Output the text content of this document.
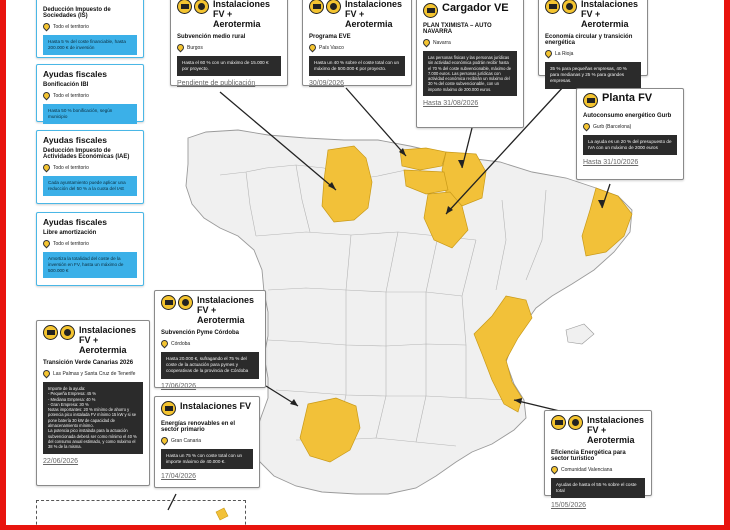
Deducción Impuesto de Sociedades (IS)
Todo el territorio
Hasta 5 % del coste financiable, hasta 200.000 € de inversión
Ayudas fiscales
Bonificación IBI
Todo el territorio
Hasta 50 % bonificación, según municipio
Ayudas fiscales
Deducción Impuesto de Actividades Económicas (IAE)
Todo el territorio
Cada ayuntamiento puede aplicar una reducción del 50 % a la cuota del IAE
Ayudas fiscales
Libre amortización
Todo el territorio
Amortiza la totalidad del coste de la inversión en FV, hasta un máximo de 500.000 €
Instalaciones FV + Aerotermia
Subvención medio rural
Burgos
Hasta el 60 % con un máximo de 15.000 € por proyecto.
Pendiente de publicación
Instalaciones FV + Aerotermia
Programa EVE
País Vasco
Hasta un 40 % sobre el coste total con un máximo de 500.000 € por proyecto.
30/09/2026
Cargador VE
PLAN TXIMISTA – AUTO NAVARRA
Navarra
Las personas físicas y las personas jurídicas sin actividad económica podrán recibir hasta el 70 % del coste subvencionable, máximo de 7.000 euros. Las personas jurídicas con actividad económica recibirán un máximo del 30 % del coste subvencionable, con un importe máximo de 200.000 euros.
Hasta 31/08/2026
Instalaciones FV + Aerotermia
Economía circular y transición energética
La Rioja
35 % para pequeñas empresas, 40 % para medianas y 25 % para grandes empresas.
Planta FV
Autoconsumo energético Gurb
Gurb (Barcelona)
La ayuda es un 20 % del presupuesto de IVA con un máximo de 2000 euros
Hasta 31/10/2026
Instalaciones FV + Aerotermia
Subvención Pyme Córdoba
Córdoba
Hasta 20.000 €, sufragando el 75 % del coste de la actuación para pymes y cooperativas de la provincia de Córdoba
17/06/2026
Instalaciones FV + Aerotermia
Transición Verde Canarias 2026
Las Palmas y Santa Cruz de Tenerife
Importe de la ayuda:
- Pequeña Empresa: 45 %
- Mediana Empresa: 40 %
- Gran Empresa: 30 %
Notas importantes: 20 % mínimo de ahorro y potencia pico instalada FV mínimo 15 kW y si se pone batería 30 kW de capacidad de almacenamiento mínimo.
La potencia pico instalada para la actuación subvencionada deberá ser como mínimo el 40 % del consumo anual estimado, y como máximo el 38 % de la misma.
22/06/2026
Instalaciones FV
Energías renovables en el sector primario
Gran Canaria
Hasta un 75 % con coste total con un importe máximo de 40.000 €.
17/04/2026
Instalaciones FV + Aerotermia
Eficiencia Energética para sector turístico
Comunidad Valenciana
Ayudas de hasta el 55 % sobre el coste total
15/05/2026
